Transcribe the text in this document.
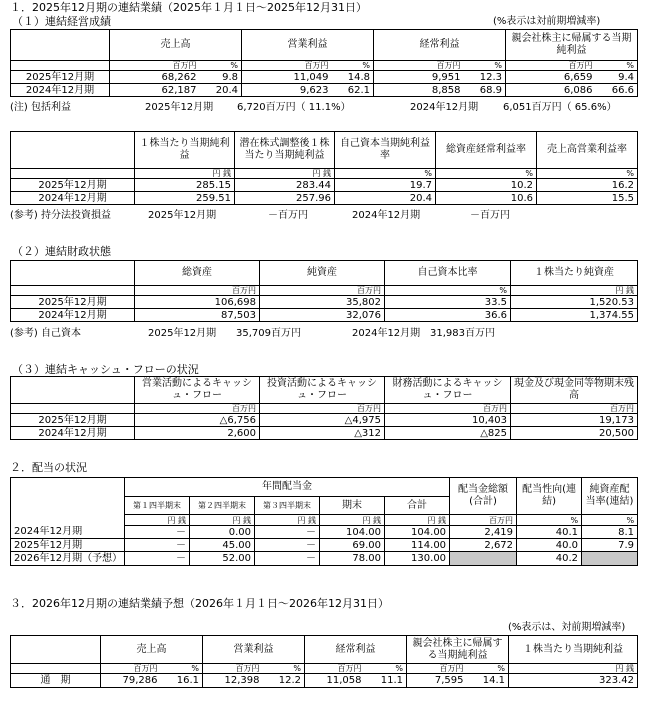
１．2025年12月期の連結業績（2025年１月１日～2025年12月31日）
（１）連結経営成績	(%表示は対前期増減率)
	売上高		営業利益		経常利益		親会社株主に帰属する当期純利益	
	百万円	%	百万円	%	百万円	%	百万円	%
2025年12月期	68,262	9.8	11,049	14.8	9,951	12.3	6,659	9.4
2024年12月期	62,187	20.4	9,623	62.1	8,858	68.9	6,086	66.6
(注) 包括利益	2025年12月期 6,720百万円（ 11.1%）	2024年12月期 6,051百万円（ 65.6%）
	１株当たり当期純利益	潜在株式調整後１株当たり当期純利益	自己資本当期純利益率	総資産経常利益率	売上高営業利益率
	円 銭	円 銭	%	%	%
2025年12月期	285.15	283.44	19.7	10.2	16.2
2024年12月期	259.51	257.96	20.4	10.6	15.5
(参考) 持分法投資損益	2025年12月期	－百万円	2024年12月期	－百万円
（２）連結財政状態
	総資産	純資産	自己資本比率	１株当たり純資産
	百万円	百万円	%	円 銭
2025年12月期	106,698	35,802	33.5	1,520.53
2024年12月期	87,503	32,076	36.6	1,374.55
(参考) 自己資本	2025年12月期 35,709百万円	2024年12月期 31,983百万円
（３）連結キャッシュ・フローの状況
	営業活動によるキャッシュ・フロー	投資活動によるキャッシュ・フロー	財務活動によるキャッシュ・フロー	現金及び現金同等物期末残高
	百万円	百万円	百万円	百万円
2025年12月期	△6,756	△4,975	10,403	19,173
2024年12月期	2,600	△312	△825	20,500
２．配当の状況
	年間配当金					配当金総額(合計)	配当性向(連結)	純資産配当率(連結)
	第１四半期末	第２四半期末	第３四半期末	期末	合計			
	円 銭	円 銭	円 銭	円 銭	円 銭	百万円	%	%
2024年12月期	－	0.00	－	104.00	104.00	2,419	40.1	8.1
2025年12月期	－	45.00	－	69.00	114.00	2,672	40.0	7.9
2026年12月期（予想）	－	52.00	－	78.00	130.00		40.2	
３．2026年12月期の連結業績予想（2026年１月１日～2026年12月31日）
(%表示は、対前期増減率)
	売上高		営業利益		経常利益		親会社株主に帰属する当期純利益		１株当たり当期純利益
	百万円	%	百万円	%	百万円	%	百万円	%	円 銭
通　期	79,286	16.1	12,398	12.2	11,058	11.1	7,595	14.1	323.42
